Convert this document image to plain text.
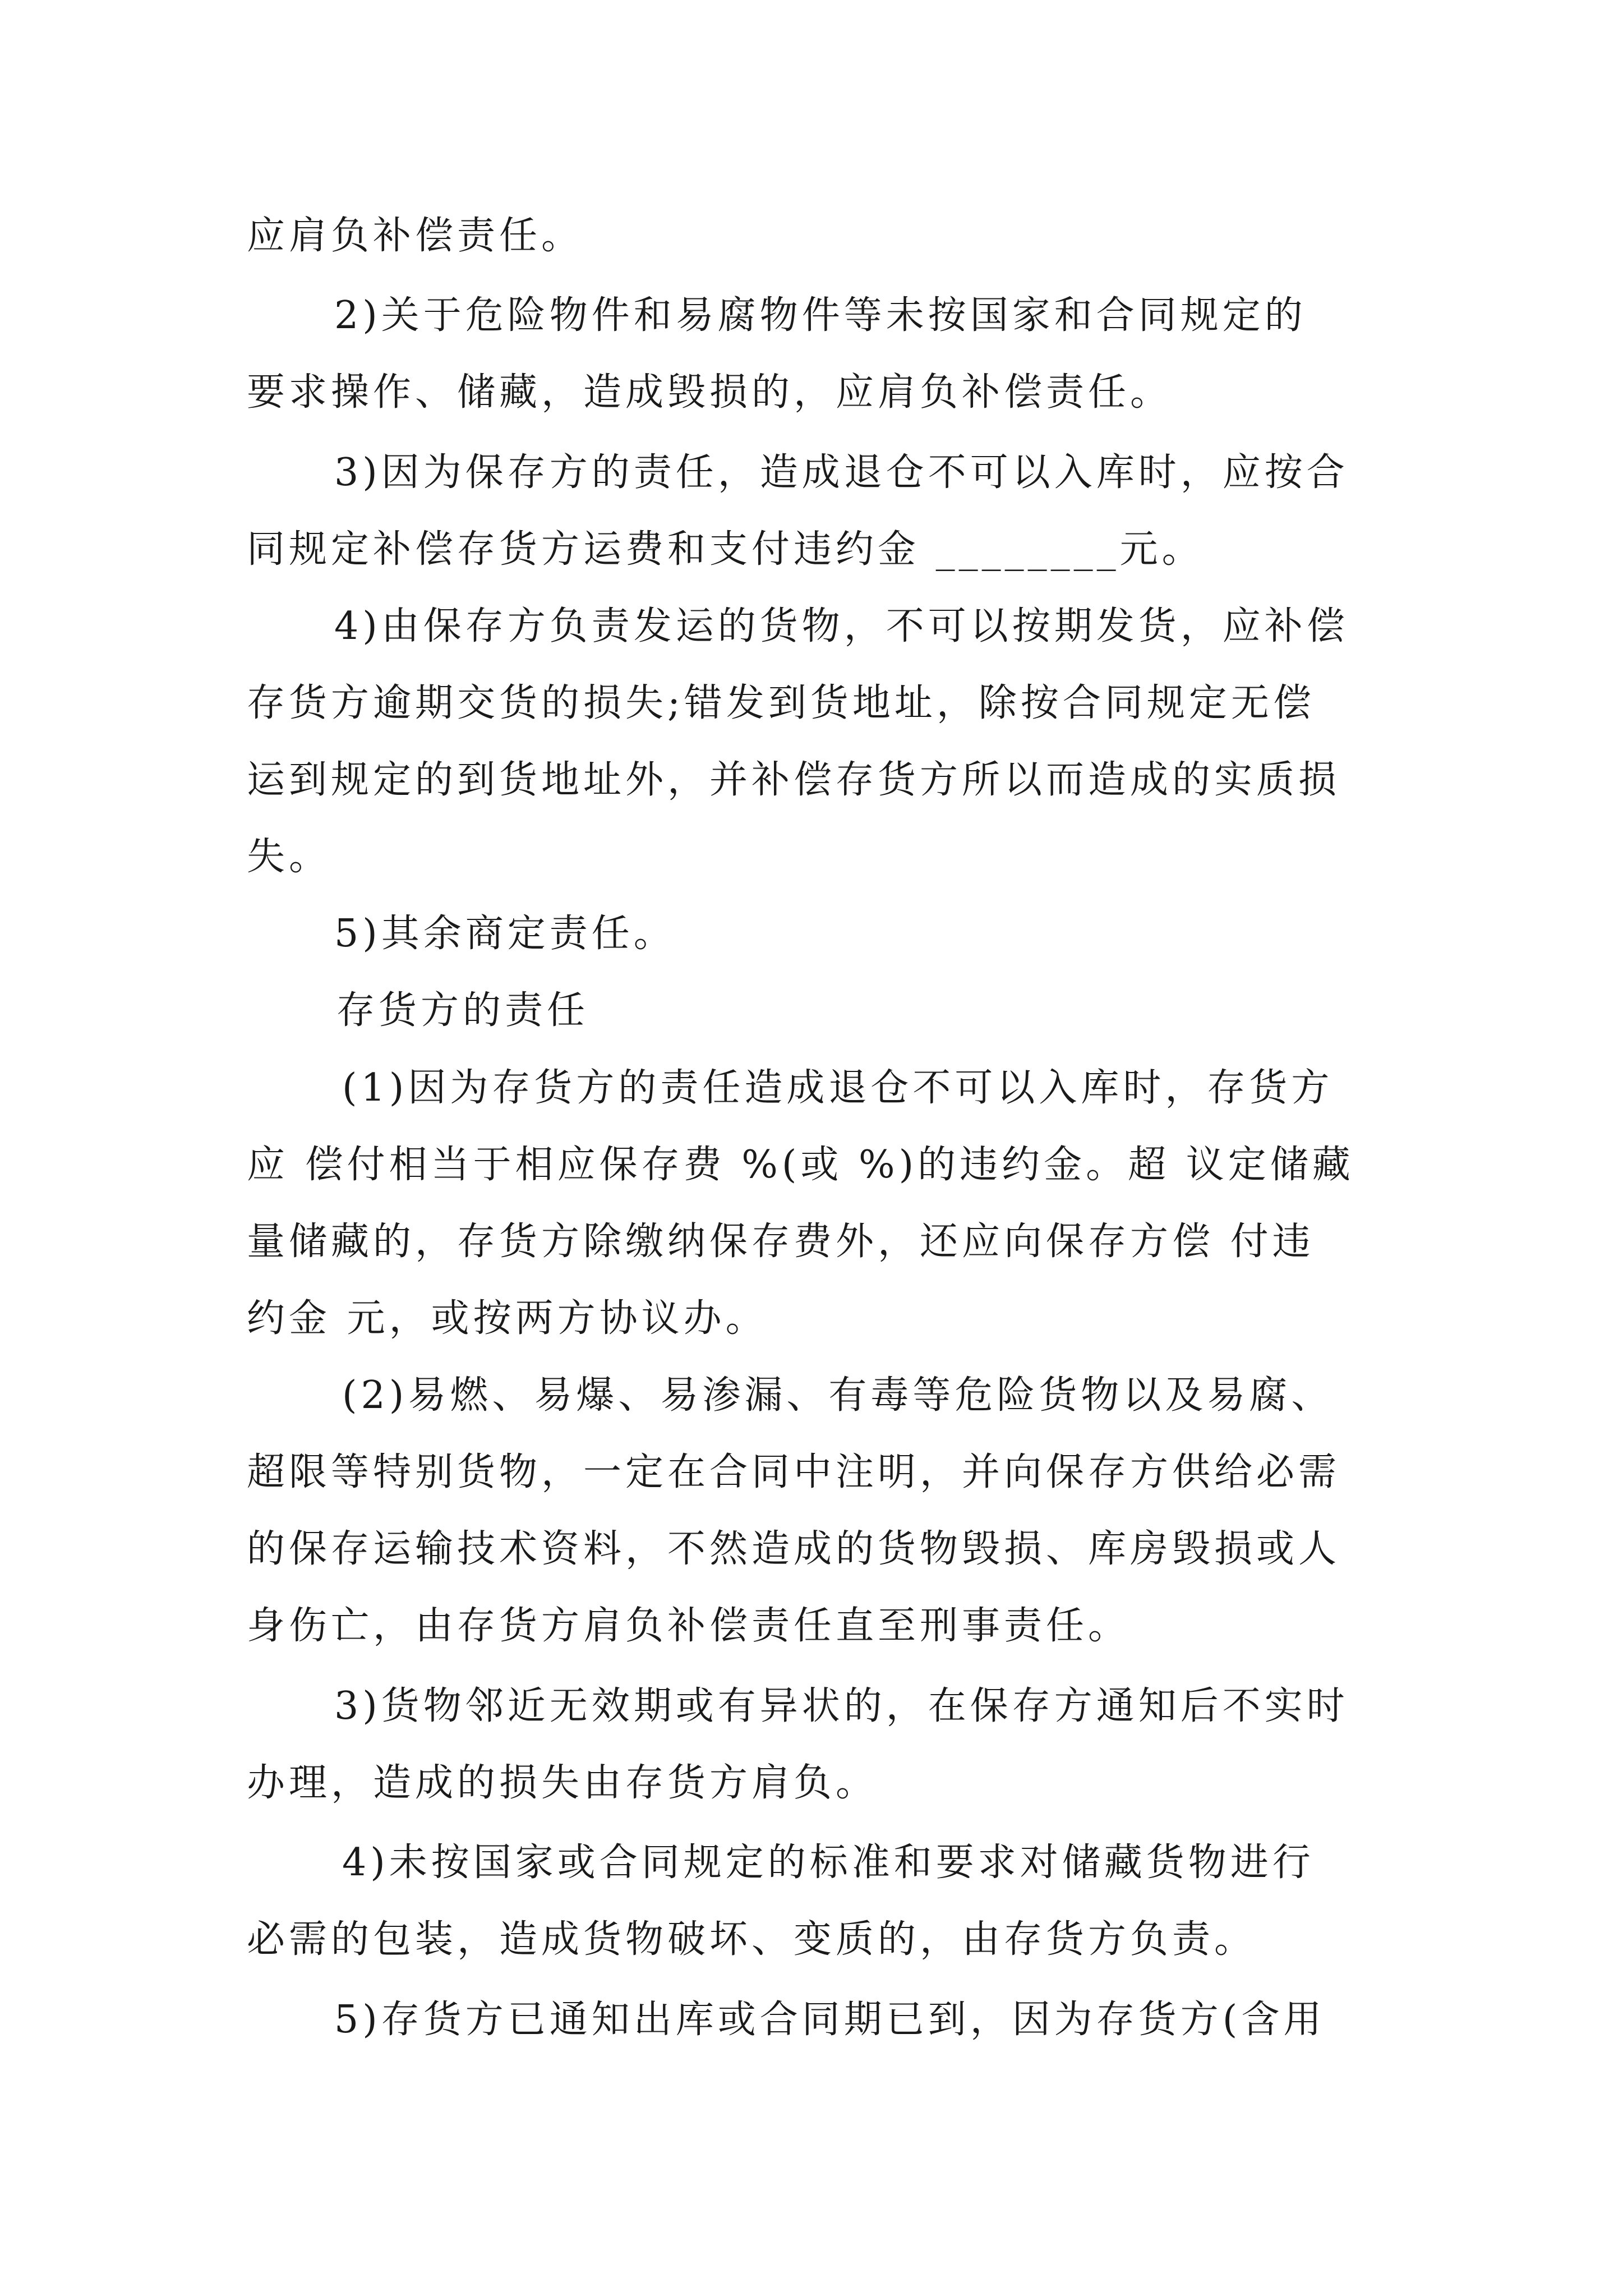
应肩负补偿责任。
2)关于危险物件和易腐物件等未按国家和合同规定的
要求操作、储藏，造成毁损的，应肩负补偿责任。
3)因为保存方的责任，造成退仓不可以入库时，应按合
同规定补偿存货方运费和支付违约金 ________元。
4)由保存方负责发运的货物，不可以按期发货，应补偿
存货方逾期交货的损失;错发到货地址，除按合同规定无偿
运到规定的到货地址外，并补偿存货方所以而造成的实质损
失。
5)其余商定责任。
存货方的责任
(1)因为存货方的责任造成退仓不可以入库时，存货方
应 偿付相当于相应保存费 %(或 %)的违约金。超 议定储藏
量储藏的，存货方除缴纳保存费外，还应向保存方偿 付违
约金 元，或按两方协议办。
(2)易燃、易爆、易渗漏、有毒等危险货物以及易腐、
超限等特别货物，一定在合同中注明，并向保存方供给必需
的保存运输技术资料，不然造成的货物毁损、库房毁损或人
身伤亡，由存货方肩负补偿责任直至刑事责任。
3)货物邻近无效期或有异状的，在保存方通知后不实时
办理，造成的损失由存货方肩负。
4)未按国家或合同规定的标准和要求对储藏货物进行
必需的包装，造成货物破坏、变质的，由存货方负责。
5)存货方已通知出库或合同期已到，因为存货方(含用
